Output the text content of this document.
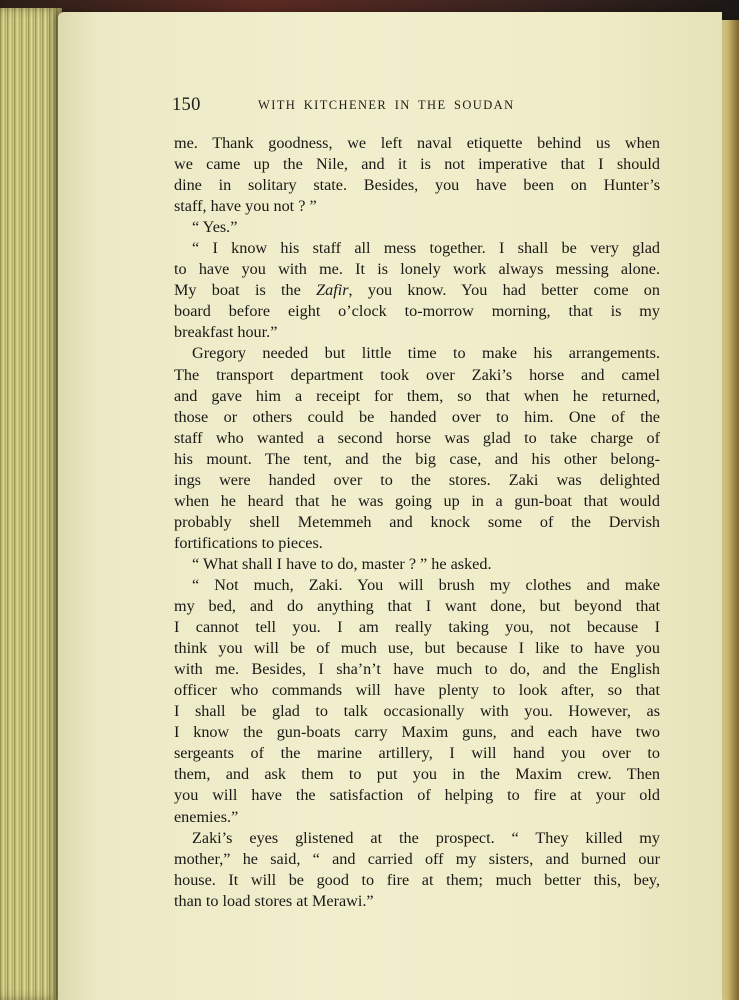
150	WITH KITCHENER IN THE SOUDAN
me. Thank goodness, we left naval etiquette behind us when
we came up the Nile, and it is not imperative that I should
dine in solitary state. Besides, you have been on Hunter’s
staff, have you not ? ”
“ Yes.”
“ I know his staff all mess together. I shall be very glad
to have you with me. It is lonely work always messing alone.
My boat is the Zafir, you know. You had better come on
board before eight o’clock to-morrow morning, that is my
breakfast hour.”
Gregory needed but little time to make his arrangements.
The transport department took over Zaki’s horse and camel
and gave him a receipt for them, so that when he returned,
those or others could be handed over to him. One of the
staff who wanted a second horse was glad to take charge of
his mount. The tent, and the big case, and his other belong-
ings were handed over to the stores. Zaki was delighted
when he heard that he was going up in a gun-boat that would
probably shell Metemmeh and knock some of the Dervish
fortifications to pieces.
“ What shall I have to do, master ? ” he asked.
“ Not much, Zaki. You will brush my clothes and make
my bed, and do anything that I want done, but beyond that
I cannot tell you. I am really taking you, not because I
think you will be of much use, but because I like to have you
with me. Besides, I sha’n’t have much to do, and the English
officer who commands will have plenty to look after, so that
I shall be glad to talk occasionally with you. However, as
I know the gun-boats carry Maxim guns, and each have two
sergeants of the marine artillery, I will hand you over to
them, and ask them to put you in the Maxim crew. Then
you will have the satisfaction of helping to fire at your old
enemies.”
Zaki’s eyes glistened at the prospect. “ They killed my
mother,” he said, “ and carried off my sisters, and burned our
house. It will be good to fire at them; much better this, bey,
than to load stores at Merawi.”
